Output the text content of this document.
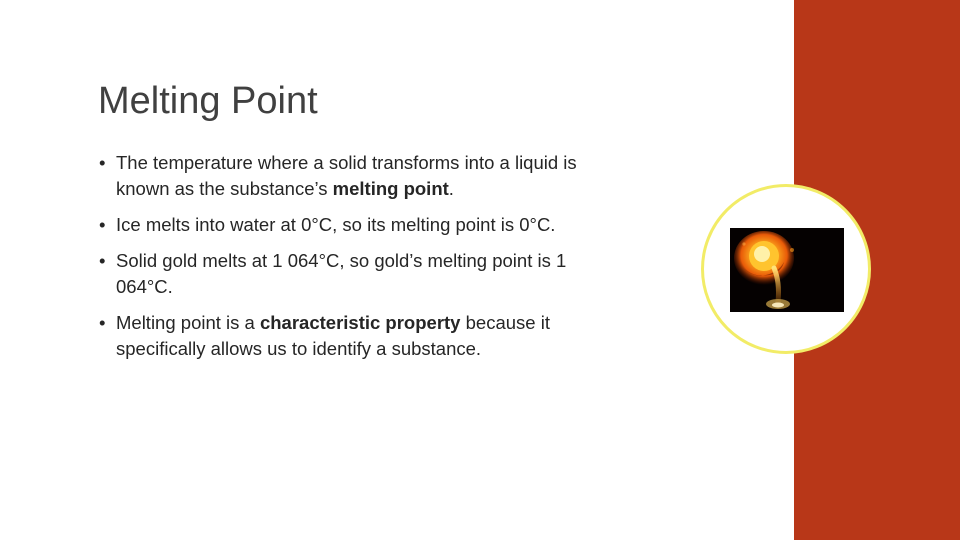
Melting Point
• The temperature where a solid transforms into a liquid is known as the substance’s melting point.
• Ice melts into water at 0°C, so its melting point is 0°C.
• Solid gold melts at 1 064°C, so gold’s melting point is 1 064°C.
• Melting point is a characteristic property because it specifically allows us to identify a substance.
